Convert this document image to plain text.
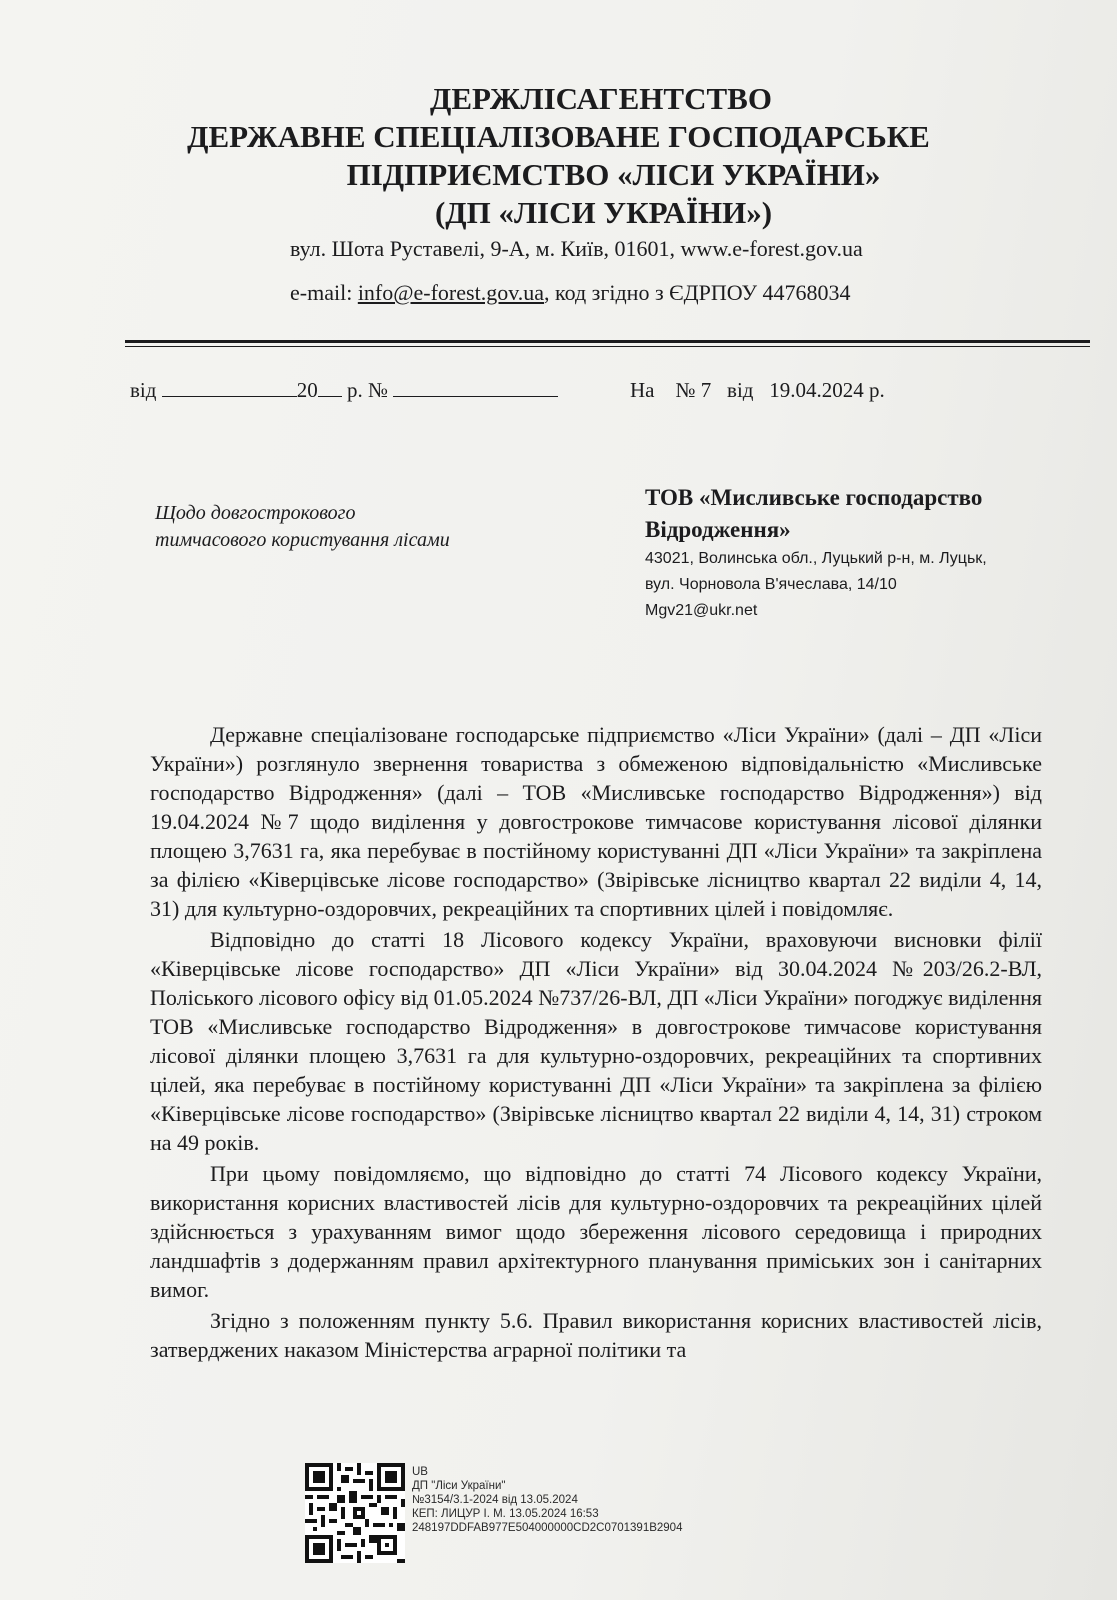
ДЕРЖЛІСАГЕНТСТВО
ДЕРЖАВНЕ СПЕЦІАЛІЗОВАНЕ ГОСПОДАРСЬКЕ
ПІДПРИЄМСТВО «ЛІСИ УКРАЇНИ»
(ДП «ЛІСИ УКРАЇНИ»)
вул. Шота Руставелі, 9-А, м. Київ, 01601, www.e-forest.gov.ua
e-mail: info@e-forest.gov.ua, код згідно з ЄДРПОУ 44768034
від	20 р. №	На № 7 від 19.04.2024 р.
Щодо довгострокового тимчасового користування лісами
ТОВ «Мисливське господарство Відродження»
43021, Волинська обл., Луцький р-н, м. Луцьк,
вул. Чорновола В'ячеслава, 14/10
Mgv21@ukr.net

Державне спеціалізоване господарське підприємство «Ліси України» (далі – ДП «Ліси України») розглянуло звернення товариства з обмеженою відповідальністю «Мисливське господарство Відродження» (далі – ТОВ «Мисливське господарство Відродження») від 19.04.2024 №7 щодо виділення у довгострокове тимчасове користування лісової ділянки площею 3,7631 га, яка перебуває в постійному користуванні ДП «Ліси України» та закріплена за філією «Ківерцівське лісове господарство» (Звірівське лісництво квартал 22 виділи 4, 14, 31) для культурно-оздоровчих, рекреаційних та спортивних цілей і повідомляє.

Відповідно до статті 18 Лісового кодексу України, враховуючи висновки філії «Ківерцівське лісове господарство» ДП «Ліси України» від 30.04.2024 №203/26.2-ВЛ, Поліського лісового офісу від 01.05.2024 №737/26-ВЛ, ДП «Ліси України» погоджує виділення ТОВ «Мисливське господарство Відродження» в довгострокове тимчасове користування лісової ділянки площею 3,7631 га для культурно-оздоровчих, рекреаційних та спортивних цілей, яка перебуває в постійному користуванні ДП «Ліси України» та закріплена за філією «Ківерцівське лісове господарство» (Звірівське лісництво квартал 22 виділи 4, 14, 31) строком на 49 років.

При цьому повідомляємо, що відповідно до статті 74 Лісового кодексу України, використання корисних властивостей лісів для культурно-оздоровчих та рекреаційних цілей здійснюється з урахуванням вимог щодо збереження лісового середовища і природних ландшафтів з додержанням правил архітектурного планування приміських зон і санітарних вимог.

Згідно з положенням пункту 5.6. Правил використання корисних властивостей лісів, затверджених наказом Міністерства аграрної політики та

UB
ДП "Ліси України"
№3154/3.1-2024 від 13.05.2024
КЕП: ЛИЦУР І. М. 13.05.2024 16:53
248197DDFAB977E504000000CD2C0701391B2904
